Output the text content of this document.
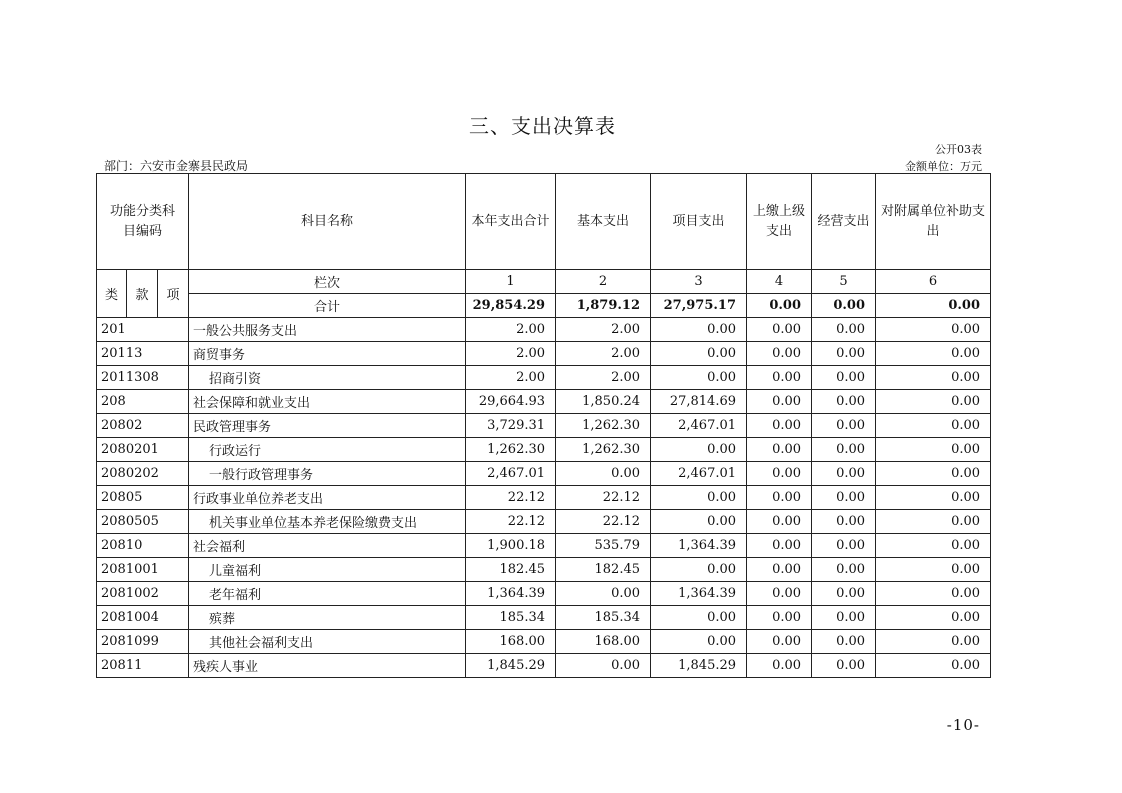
三、支出决算表
公开03表
部门：六安市金寨县民政局	金额单位：万元
功能分类科目编码			科目名称	本年支出合计	基本支出	项目支出	上缴上级支出	经营支出	对附属单位补助支出
类	款	项	栏次	1	2	3	4	5	6
			合计	29,854.29	1,879.12	27,975.17	0.00	0.00	0.00
201			一般公共服务支出	2.00	2.00	0.00	0.00	0.00	0.00
20113			商贸事务	2.00	2.00	0.00	0.00	0.00	0.00
2011308			招商引资	2.00	2.00	0.00	0.00	0.00	0.00
208			社会保障和就业支出	29,664.93	1,850.24	27,814.69	0.00	0.00	0.00
20802			民政管理事务	3,729.31	1,262.30	2,467.01	0.00	0.00	0.00
2080201			行政运行	1,262.30	1,262.30	0.00	0.00	0.00	0.00
2080202			一般行政管理事务	2,467.01	0.00	2,467.01	0.00	0.00	0.00
20805			行政事业单位养老支出	22.12	22.12	0.00	0.00	0.00	0.00
2080505			机关事业单位基本养老保险缴费支出	22.12	22.12	0.00	0.00	0.00	0.00
20810			社会福利	1,900.18	535.79	1,364.39	0.00	0.00	0.00
2081001			儿童福利	182.45	182.45	0.00	0.00	0.00	0.00
2081002			老年福利	1,364.39	0.00	1,364.39	0.00	0.00	0.00
2081004			殡葬	185.34	185.34	0.00	0.00	0.00	0.00
2081099			其他社会福利支出	168.00	168.00	0.00	0.00	0.00	0.00
20811			残疾人事业	1,845.29	0.00	1,845.29	0.00	0.00	0.00
-10-
